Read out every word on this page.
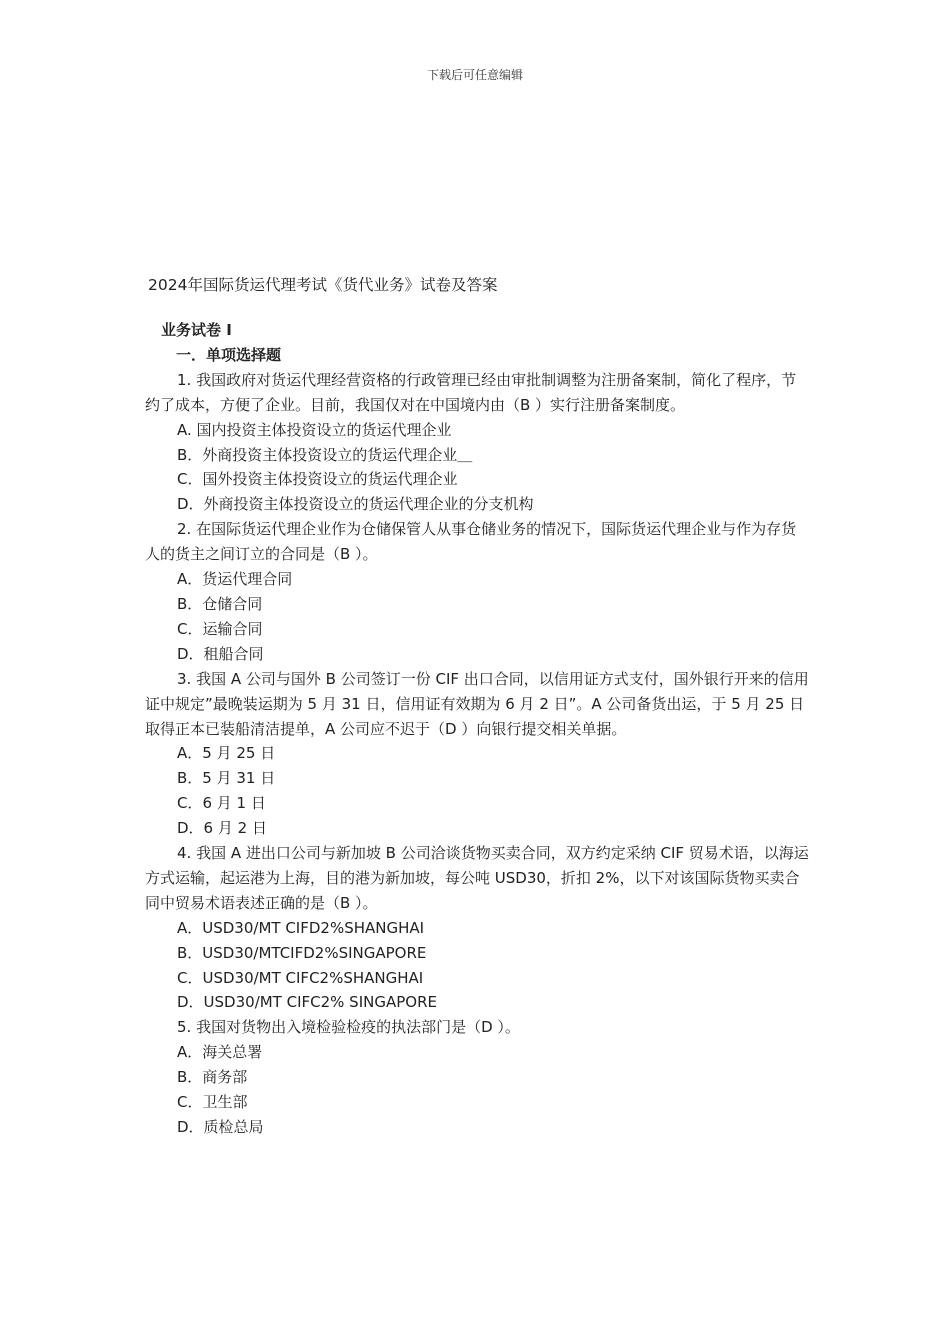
下载后可任意编辑
2024年国际货运代理考试《货代业务》试卷及答案

业务试卷 I

一．单项选择题

1. 我国政府对货运代理经营资格的行政管理已经由审批制调整为注册备案制，简化了程序，节约了成本，方便了企业。目前，我国仅对在中国境内由（B ）实行注册备案制度。

A. 国内投资主体投资设立的货运代理企业

B．外商投资主体投资设立的货运代理企业＿

C．国外投资主体投资设立的货运代理企业

D．外商投资主体投资设立的货运代理企业的分支机构

2. 在国际货运代理企业作为仓储保管人从事仓储业务的情况下，国际货运代理企业与作为存货人的货主之间订立的合同是（B ）。

A．货运代理合同

B．仓储合同

C．运输合同

D．租船合同

3. 我国 A 公司与国外 B 公司签订一份 CIF 出口合同，以信用证方式支付，国外银行开来的信用证中规定”最晚装运期为 5 月 31 日，信用证有效期为 6 月 2 日”。A 公司备货出运，于 5 月 25 日取得正本已装船清洁提单，A 公司应不迟于（D ）向银行提交相关单据。

A．5 月 25 日

B．5 月 31 日

C．6 月 1 日

D．6 月 2 日

4. 我国 A 进出口公司与新加坡 B 公司洽谈货物买卖合同，双方约定采纳 CIF 贸易术语，以海运方式运输，起运港为上海，目的港为新加坡，每公吨 USD30，折扣 2%，以下对该国际货物买卖合同中贸易术语表述正确的是（B ）。

A．USD30/MT CIFD2%SHANGHAI

B．USD30/MTCIFD2%SINGAPORE

C．USD30/MT CIFC2%SHANGHAI

D．USD30/MT CIFC2% SINGAPORE

5. 我国对货物出入境检验检疫的执法部门是（D ）。

A．海关总署

B．商务部

C．卫生部

D．质检总局
